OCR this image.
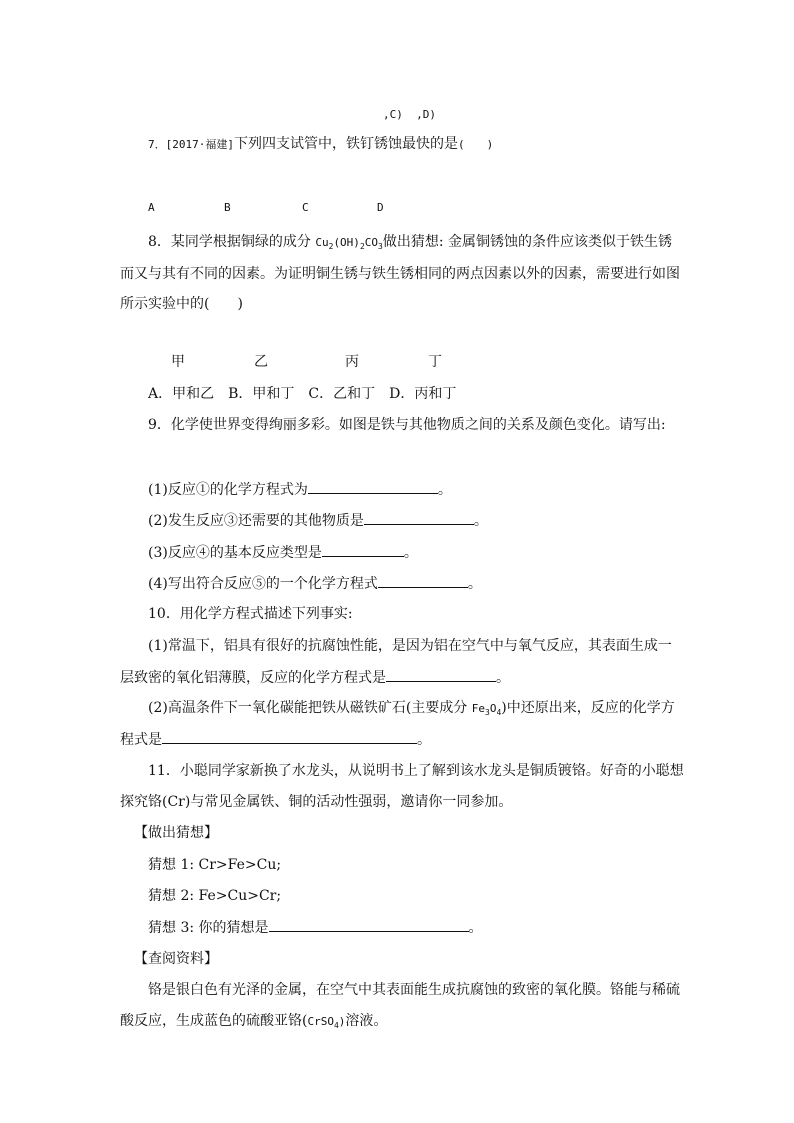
,C) ,D)
7．[2017·福建]下列四支试管中，铁钉锈蚀最快的是(　　)
A	B	C	D
8．某同学根据铜绿的成分 $Cu_2(OH)_2CO_3$做出猜想: 金属铜锈蚀的条件应该类似于铁生锈
而又与其有不同的因素。为证明铜生锈与铁生锈相同的两点因素以外的因素，需要进行如图
所示实验中的(　　)
甲	乙	丙	丁
A．甲和乙　B．甲和丁　C．乙和丁　D．丙和丁
9．化学使世界变得绚丽多彩。如图是铁与其他物质之间的关系及颜色变化。请写出:
(1)反应①的化学方程式为	。
(2)发生反应③还需要的其他物质是	。
(3)反应④的基本反应类型是	。
(4)写出符合反应⑤的一个化学方程式	。
10．用化学方程式描述下列事实:
(1)常温下，铝具有很好的抗腐蚀性能，是因为铝在空气中与氧气反应，其表面生成一
层致密的氧化铝薄膜，反应的化学方程式是	。
(2)高温条件下一氧化碳能把铁从磁铁矿石(主要成分 $Fe_3O_4$)中还原出来，反应的化学方
程式是	。
11．小聪同学家新换了水龙头，从说明书上了解到该水龙头是铜质镀铬。好奇的小聪想
探究铬(Cr)与常见金属铁、铜的活动性强弱，邀请你一同参加。
【做出猜想】
猜想 1: Cr>Fe>Cu;
猜想 2: Fe>Cu>Cr;
猜想 3: 你的猜想是	。
【查阅资料】
铬是银白色有光泽的金属，在空气中其表面能生成抗腐蚀的致密的氧化膜。铬能与稀硫
酸反应，生成蓝色的硫酸亚铬(CrSO$_4$)溶液。
